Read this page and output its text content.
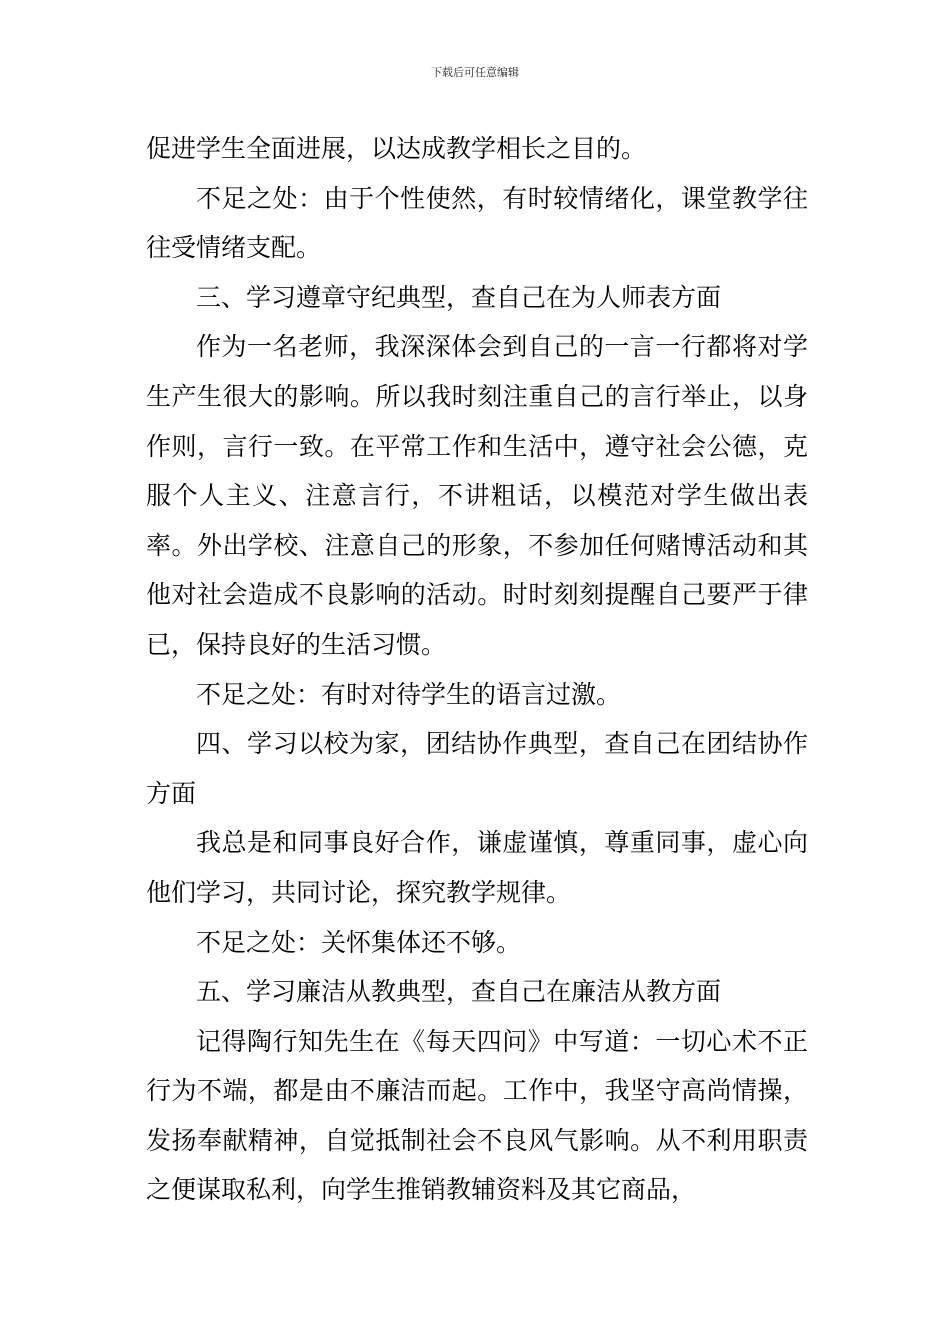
下载后可任意编辑

促进学生全面进展，以达成教学相长之目的。

不足之处：由于个性使然，有时较情绪化，课堂教学往往受情绪支配。

三、学习遵章守纪典型，查自己在为人师表方面

作为一名老师，我深深体会到自己的一言一行都将对学生产生很大的影响。所以我时刻注重自己的言行举止，以身作则，言行一致。在平常工作和生活中，遵守社会公德，克服个人主义、注意言行，不讲粗话，以模范对学生做出表率。外出学校、注意自己的形象，不参加任何赌博活动和其他对社会造成不良影响的活动。时时刻刻提醒自己要严于律已，保持良好的生活习惯。

不足之处：有时对待学生的语言过激。

四、学习以校为家，团结协作典型，查自己在团结协作方面

我总是和同事良好合作，谦虚谨慎，尊重同事，虚心向他们学习，共同讨论，探究教学规律。

不足之处：关怀集体还不够。

五、学习廉洁从教典型，查自己在廉洁从教方面

记得陶行知先生在《每天四问》中写道：一切心术不正行为不端，都是由不廉洁而起。工作中，我坚守高尚情操，发扬奉献精神，自觉抵制社会不良风气影响。从不利用职责之便谋取私利，向学生推销教辅资料及其它商品，
